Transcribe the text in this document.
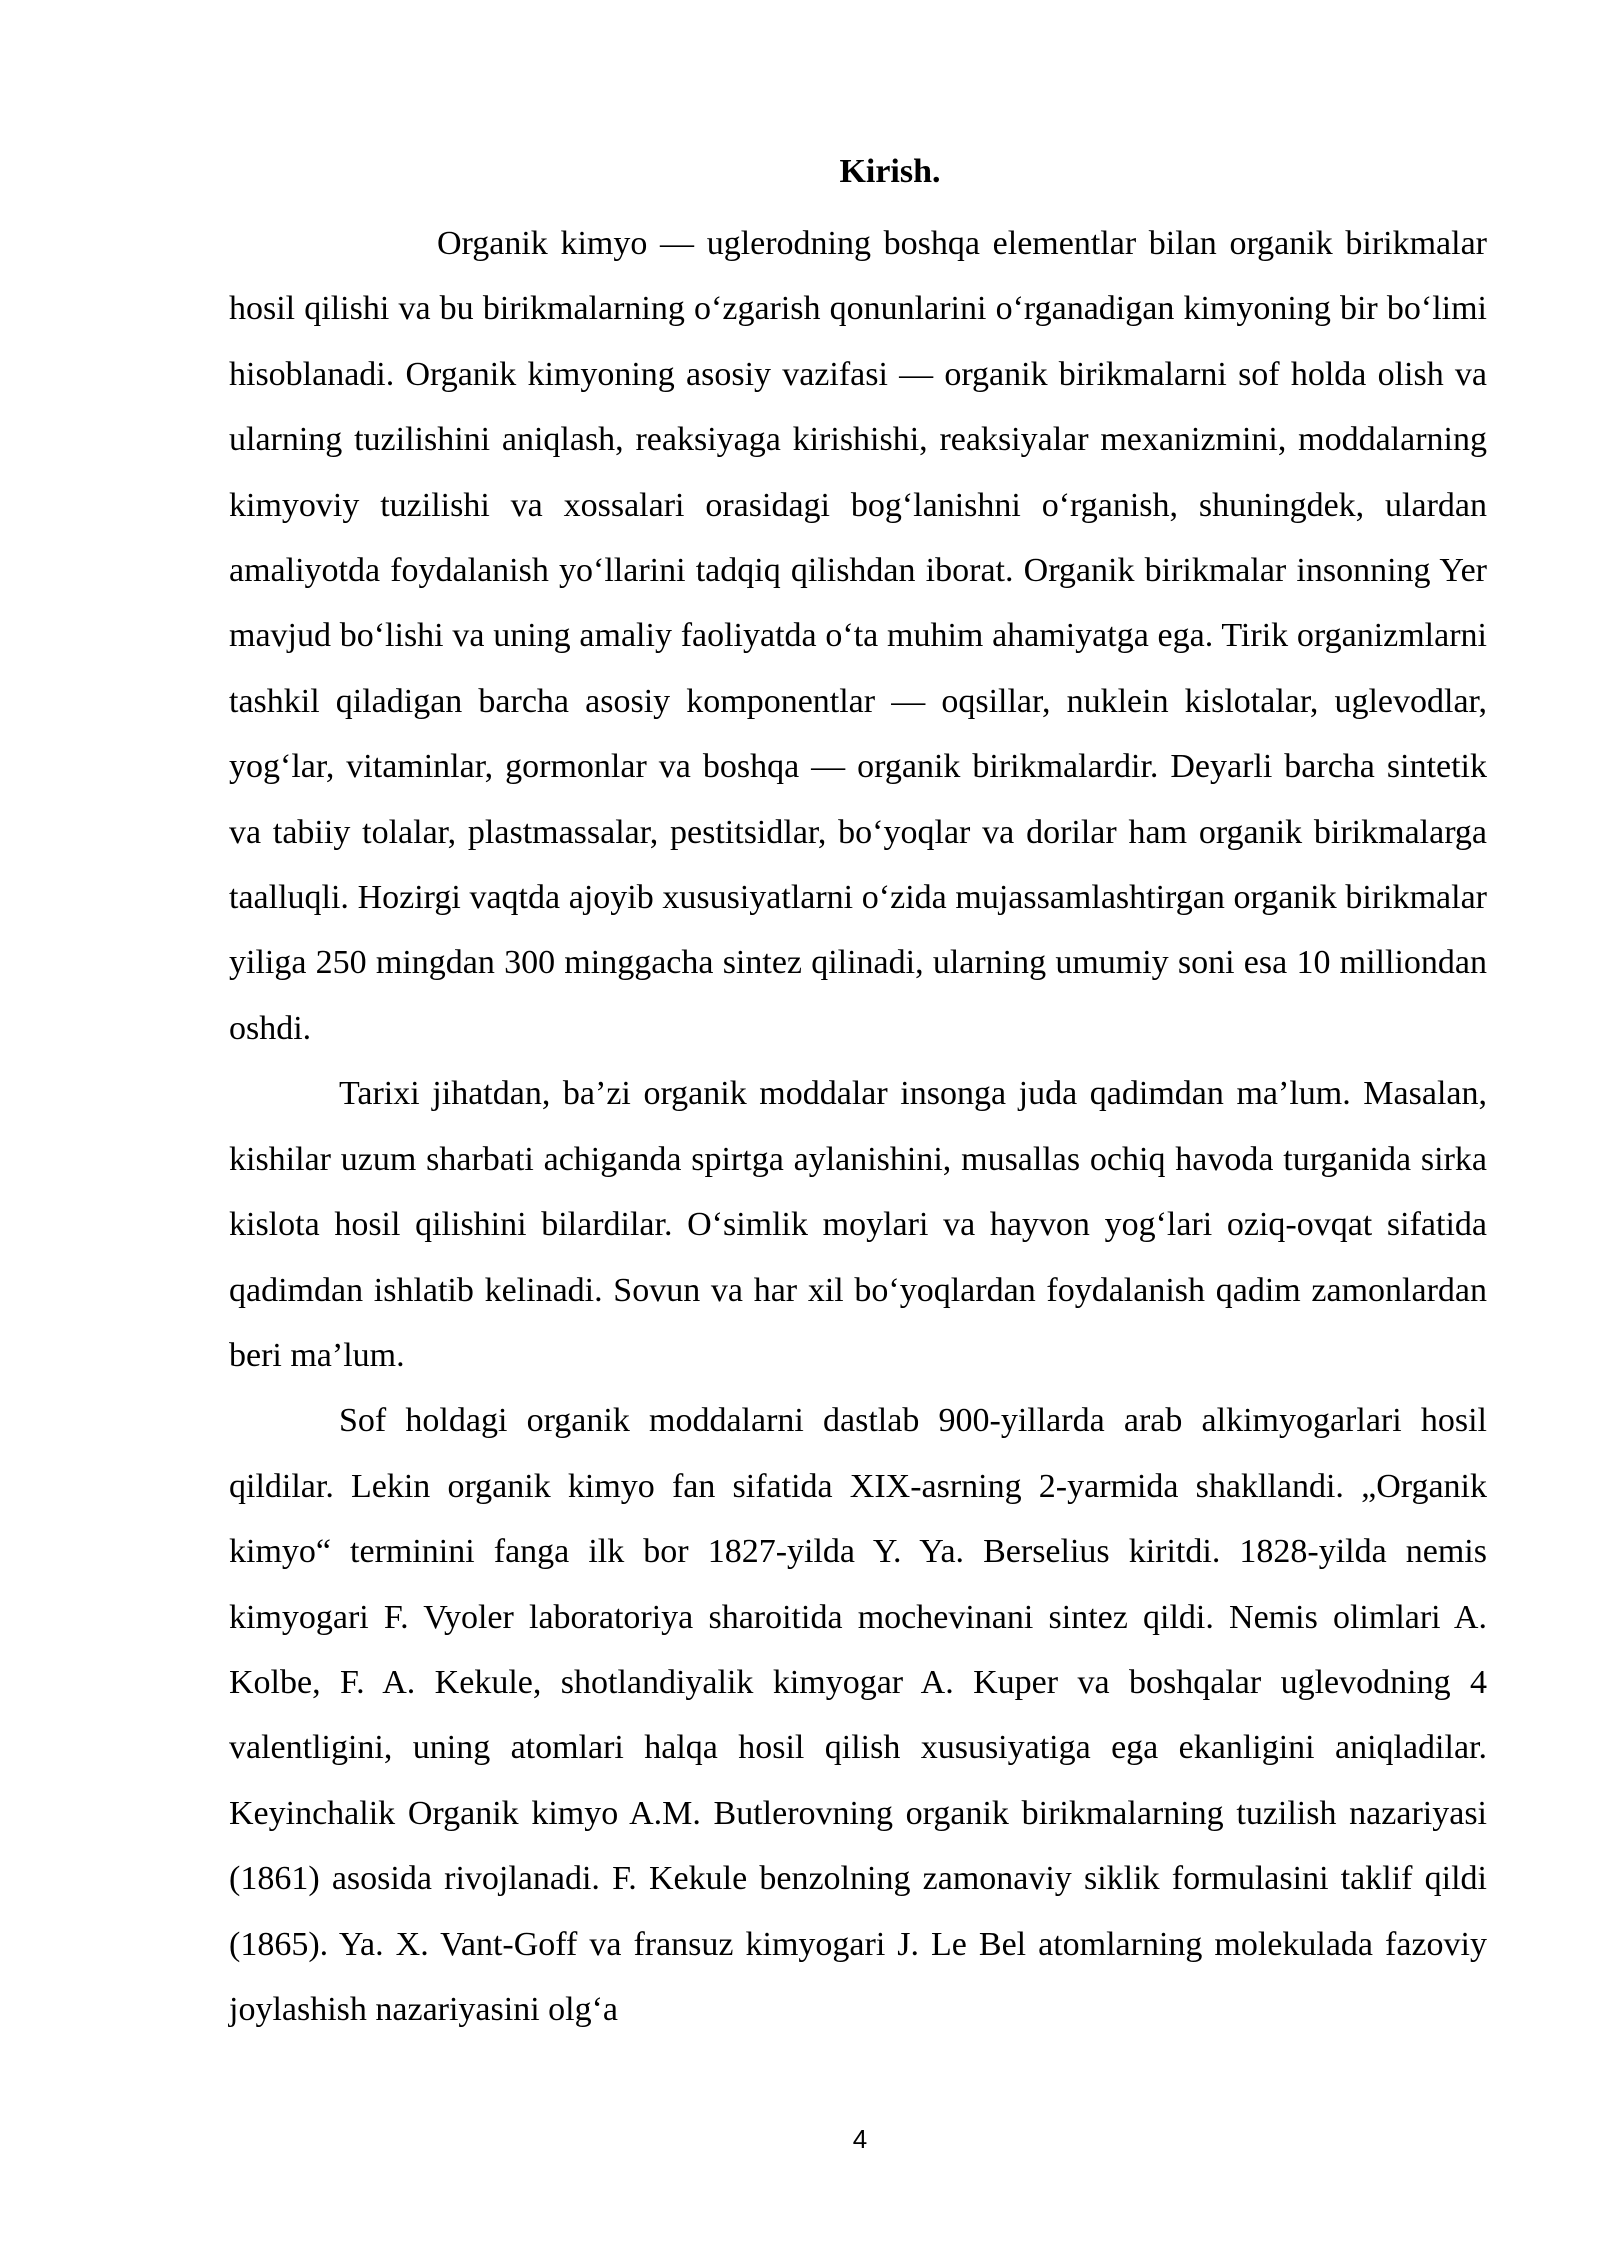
Kirish.

Organik kimyo — uglerodning boshqa elementlar bilan organik birikmalar hosil qilishi va bu birikmalarning oʻzgarish qonunlarini oʻrganadigan kimyoning bir boʻlimi hisoblanadi. Organik kimyoning asosiy vazifasi — organik birikmalarni sof holda olish va ularning tuzilishini aniqlash, reaksiyaga kirishishi, reaksiyalar mexanizmini, moddalarning kimyoviy tuzilishi va xossalari orasidagi bogʻlanishni oʻrganish, shuningdek, ulardan amaliyotda foydalanish yoʻllarini tadqiq qilishdan iborat. Organik birikmalar insonning Yer mavjud boʻlishi va uning amaliy faoliyatda oʻta muhim ahamiyatga ega. Tirik organizmlarni tashkil qiladigan barcha asosiy komponentlar — oqsillar, nuklein kislotalar, uglevodlar, yogʻlar, vitaminlar, gormonlar va boshqa — organik birikmalardir. Deyarli barcha sintetik va tabiiy tolalar, plastmassalar, pestitsidlar, boʻyoqlar va dorilar ham organik birikmalarga taalluqli. Hozirgi vaqtda ajoyib xususiyatlarni oʻzida mujassamlashtirgan organik birikmalar yiliga 250 mingdan 300 minggacha sintez qilinadi, ularning umumiy soni esa 10 milliondan oshdi.

Tarixi jihatdan, ba’zi organik moddalar insonga juda qadimdan ma’lum. Masalan, kishilar uzum sharbati achiganda spirtga aylanishini, musallas ochiq havoda turganida sirka kislota hosil qilishini bilardilar. Oʻsimlik moylari va hayvon yogʻlari oziq-ovqat sifatida qadimdan ishlatib kelinadi. Sovun va har xil boʻyoqlardan foydalanish qadim zamonlardan beri ma’lum.

Sof holdagi organik moddalarni dastlab 900-yillarda arab alkimyogarlari hosil qildilar. Lekin organik kimyo fan sifatida XIX-asrning 2-yarmida shakllandi. „Organik kimyo“ terminini fanga ilk bor 1827-yilda Y. Ya. Berselius kiritdi. 1828-yilda nemis kimyogari F. Vyoler laboratoriya sharoitida mochevinani sintez qildi. Nemis olimlari A. Kolbe, F. A. Kekule, shotlandiyalik kimyogar A. Kuper va boshqalar uglevodning 4 valentligini, uning atomlari halqa hosil qilish xususiyatiga ega ekanligini aniqladilar. Keyinchalik Organik kimyo A.M. Butlerovning organik birikmalarning tuzilish nazariyasi (1861) asosida rivojlanadi. F. Kekule benzolning zamonaviy siklik formulasini taklif qildi (1865). Ya. X. Vant-Goff va fransuz kimyogari J. Le Bel atomlarning molekulada fazoviy joylashish nazariyasini olgʻa

4
